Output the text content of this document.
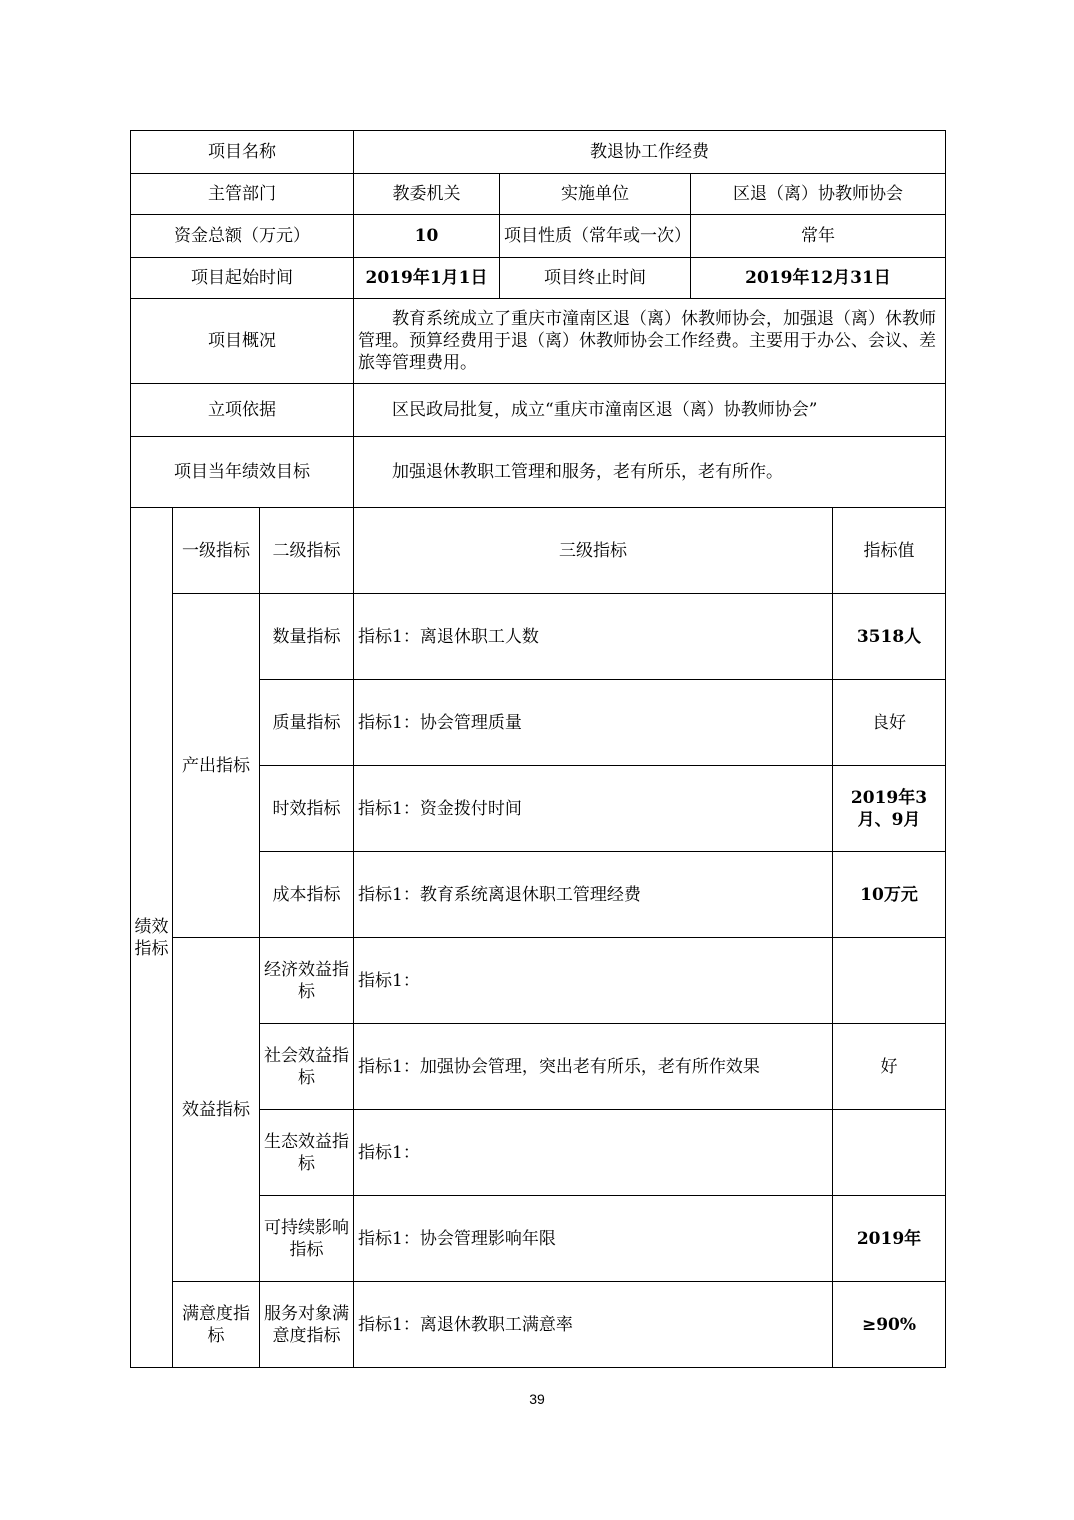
项目名称			教退协工作经费			
主管部门			教委机关	实施单位	区退（离）协教师协会	
资金总额（万元）			10	项目性质（常年或一次）	常年	
项目起始时间			2019年1月1日	项目终止时间	2019年12月31日	
项目概况			教育系统成立了重庆市潼南区退（离）休教师协会，加强退（离）休教师管理。预算经费用于退（离）休教师协会工作经费。主要用于办公、会议、差旅等管理费用。			
立项依据			区民政局批复，成立“重庆市潼南区退（离）协教师协会”			
项目当年绩效目标			加强退休教职工管理和服务，老有所乐，老有所作。			
绩效指标	一级指标	二级指标	三级指标			指标值
	产出指标	数量指标	指标1：离退休职工人数			3518人
		质量指标	指标1：协会管理质量			良好
		时效指标	指标1：资金拨付时间			2019年3月、9月
		成本指标	指标1：教育系统离退休职工管理经费			10万元
	效益指标	经济效益指标	指标1：			
		社会效益指标	指标1：加强协会管理，突出老有所乐，老有所作效果			好
		生态效益指标	指标1：			
		可持续影响指标	指标1：协会管理影响年限			2019年
	满意度指标	服务对象满意度指标	指标1：离退休教职工满意率			≥90%
39
